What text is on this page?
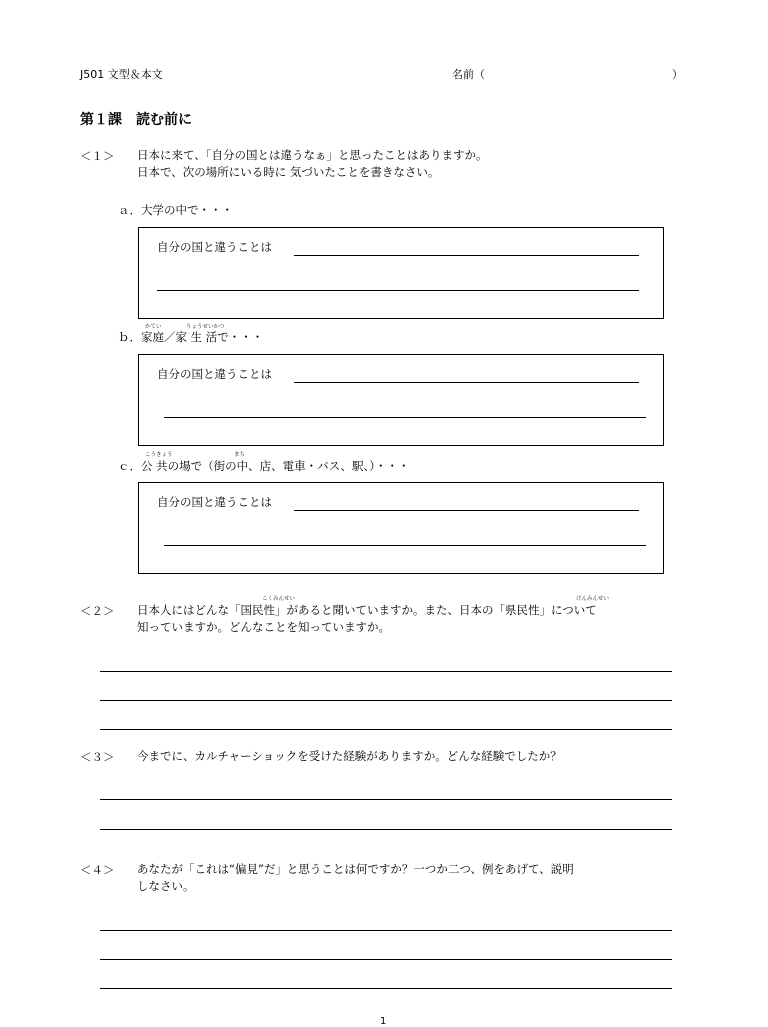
J501 文型＆本文	名前（	）
第１課　読む前に
＜１＞ 日本に来て、「自分の国とは違うなぁ」と思ったことはありますか。
日本で、次の場所にいる時に 気づいたことを書きなさい。
ａ．大学の中で・・・
自分の国と違うことは
かてい	りょうせいかつ
ｂ．家庭／家 生 活で・・・
自分の国と違うことは
こうきょう	まち
ｃ．公 共の場で（街の中、店、電車・バス、駅、）・・・
自分の国と違うことは
こくみんせい	けんみんせい
＜２＞ 日本人にはどんな「国民性」があると聞いていますか。また、日本の「県民性」について
知っていますか。どんなことを知っていますか。
＜３＞ 今までに、カルチャーショックを受けた経験がありますか。どんな経験でしたか？
＜４＞ あなたが「これは“偏見”だ」と思うことは何ですか？一つか二つ、例をあげて、説明
しなさい。
1
